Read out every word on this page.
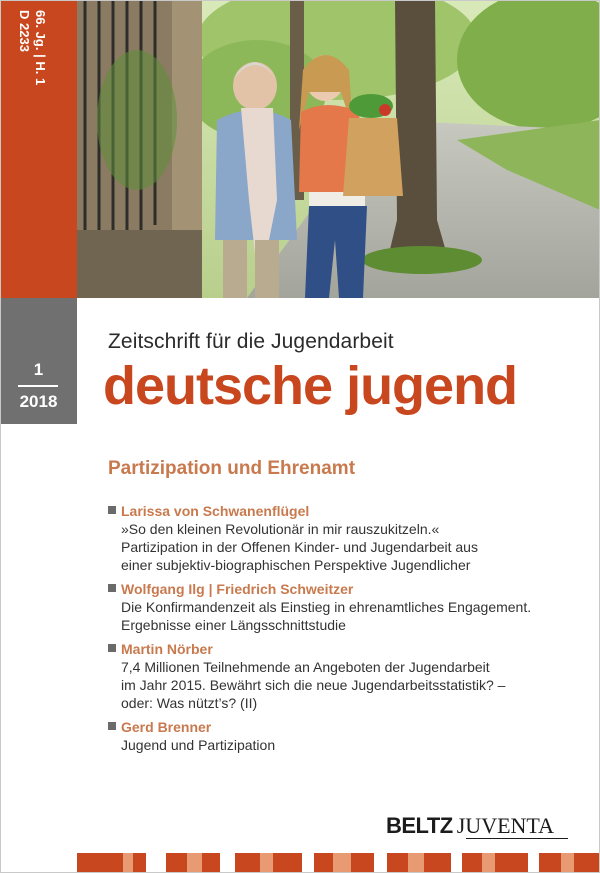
66. Jg. | H. 1
D 2233
1
2018
Zeitschrift für die Jugendarbeit
deutsche jugend
Partizipation und Ehrenamt
Larissa von Schwanenflügel
»So den kleinen Revolutionär in mir rauszukitzeln.«
Partizipation in der Offenen Kinder- und Jugendarbeit aus
einer subjektiv-biographischen Perspektive Jugendlicher
Wolfgang Ilg | Friedrich Schweitzer
Die Konfirmandenzeit als Einstieg in ehrenamtliches Engagement.
Ergebnisse einer Längsschnittstudie
Martin Nörber
7,4 Millionen Teilnehmende an Angeboten der Jugendarbeit
im Jahr 2015. Bewährt sich die neue Jugendarbeitsstatistik? –
oder: Was nützt’s? (II)
Gerd Brenner
Jugend und Partizipation
BELTZ JUVENTA
